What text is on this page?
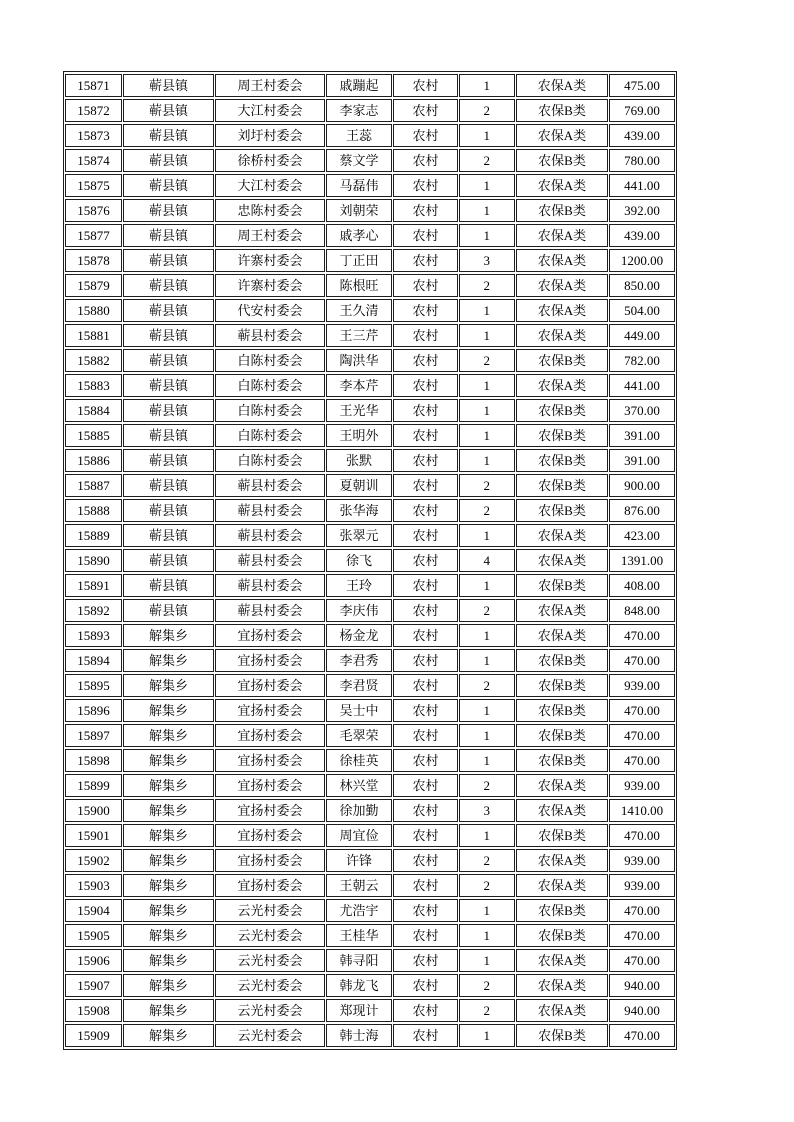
15871	蕲县镇	周王村委会	戚蹦起	农村	1	农保A类	475.00
15872	蕲县镇	大江村委会	李家志	农村	2	农保B类	769.00
15873	蕲县镇	刘圩村委会	王蕊	农村	1	农保A类	439.00
15874	蕲县镇	徐桥村委会	蔡文学	农村	2	农保B类	780.00
15875	蕲县镇	大江村委会	马磊伟	农村	1	农保A类	441.00
15876	蕲县镇	忠陈村委会	刘朝荣	农村	1	农保B类	392.00
15877	蕲县镇	周王村委会	戚孝心	农村	1	农保A类	439.00
15878	蕲县镇	许寨村委会	丁正田	农村	3	农保A类	1200.00
15879	蕲县镇	许寨村委会	陈根旺	农村	2	农保A类	850.00
15880	蕲县镇	代安村委会	王久清	农村	1	农保A类	504.00
15881	蕲县镇	蕲县村委会	王三芹	农村	1	农保A类	449.00
15882	蕲县镇	白陈村委会	陶洪华	农村	2	农保B类	782.00
15883	蕲县镇	白陈村委会	李本芹	农村	1	农保A类	441.00
15884	蕲县镇	白陈村委会	王光华	农村	1	农保B类	370.00
15885	蕲县镇	白陈村委会	王明外	农村	1	农保B类	391.00
15886	蕲县镇	白陈村委会	张默	农村	1	农保B类	391.00
15887	蕲县镇	蕲县村委会	夏朝训	农村	2	农保B类	900.00
15888	蕲县镇	蕲县村委会	张华海	农村	2	农保B类	876.00
15889	蕲县镇	蕲县村委会	张翠元	农村	1	农保A类	423.00
15890	蕲县镇	蕲县村委会	徐飞	农村	4	农保A类	1391.00
15891	蕲县镇	蕲县村委会	王玲	农村	1	农保B类	408.00
15892	蕲县镇	蕲县村委会	李庆伟	农村	2	农保A类	848.00
15893	解集乡	宜扬村委会	杨金龙	农村	1	农保A类	470.00
15894	解集乡	宜扬村委会	李君秀	农村	1	农保B类	470.00
15895	解集乡	宜扬村委会	李君贤	农村	2	农保B类	939.00
15896	解集乡	宜扬村委会	吴士中	农村	1	农保B类	470.00
15897	解集乡	宜扬村委会	毛翠荣	农村	1	农保B类	470.00
15898	解集乡	宜扬村委会	徐桂英	农村	1	农保B类	470.00
15899	解集乡	宜扬村委会	林兴堂	农村	2	农保A类	939.00
15900	解集乡	宜扬村委会	徐加勤	农村	3	农保A类	1410.00
15901	解集乡	宜扬村委会	周宜俭	农村	1	农保B类	470.00
15902	解集乡	宜扬村委会	许锋	农村	2	农保A类	939.00
15903	解集乡	宜扬村委会	王朝云	农村	2	农保A类	939.00
15904	解集乡	云光村委会	尤浩宇	农村	1	农保B类	470.00
15905	解集乡	云光村委会	王桂华	农村	1	农保B类	470.00
15906	解集乡	云光村委会	韩寻阳	农村	1	农保A类	470.00
15907	解集乡	云光村委会	韩龙飞	农村	2	农保A类	940.00
15908	解集乡	云光村委会	郑现计	农村	2	农保A类	940.00
15909	解集乡	云光村委会	韩士海	农村	1	农保B类	470.00
